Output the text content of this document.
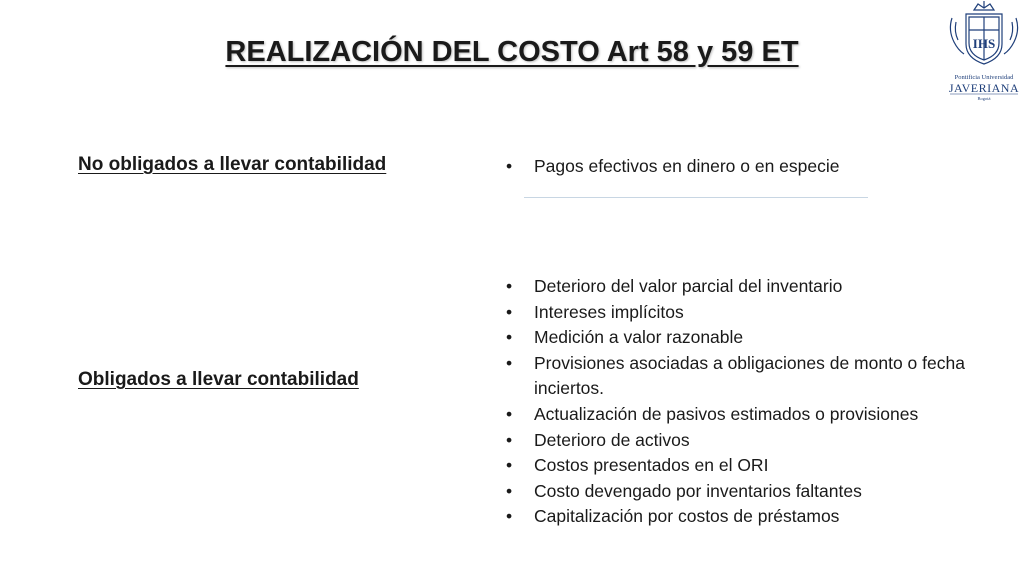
REALIZACIÓN DEL COSTO Art 58 y 59 ET	IHS
Pontificia Universidad
JAVERIANA
Bogotá
No obligados a llevar contabilidad
Obligados a llevar contabilidad
• Pagos efectivos en dinero o en especie
• Deterioro del valor parcial del inventario
• Intereses implícitos
• Medición a valor razonable
• Provisiones asociadas a obligaciones de monto o fecha inciertos.
• Actualización de pasivos estimados o provisiones
• Deterioro de activos
• Costos presentados en el ORI
• Costo devengado por inventarios faltantes
• Capitalización por costos de préstamos
